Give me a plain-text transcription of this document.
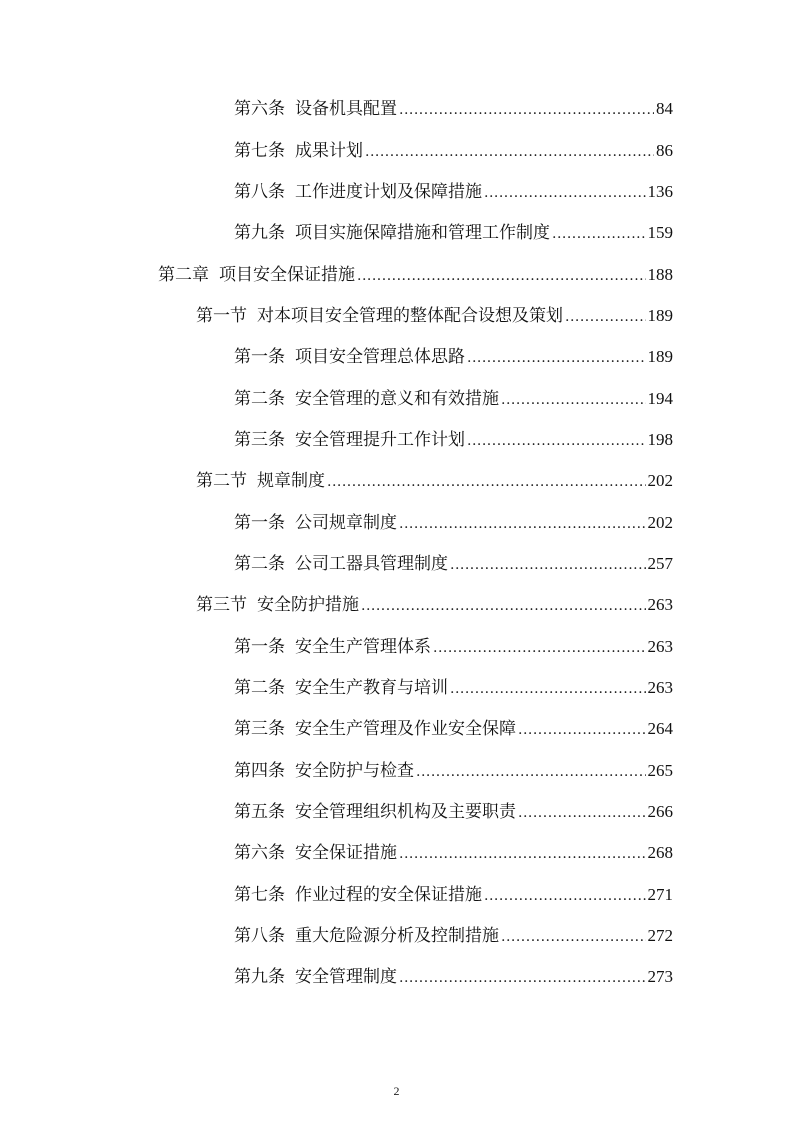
第六条 设备机具配置 .....	84
第七条 成果计划 .....	86
第八条 工作进度计划及保障措施 .....	136
第九条 项目实施保障措施和管理工作制度 .....	159
第二章 项目安全保证措施 .....	188
第一节 对本项目安全管理的整体配合设想及策划 .....	189
第一条 项目安全管理总体思路 .....	189
第二条 安全管理的意义和有效措施 .....	194
第三条 安全管理提升工作计划 .....	198
第二节 规章制度 .....	202
第一条 公司规章制度 .....	202
第二条 公司工器具管理制度 .....	257
第三节 安全防护措施 .....	263
第一条 安全生产管理体系 .....	263
第二条 安全生产教育与培训 .....	263
第三条 安全生产管理及作业安全保障 .....	264
第四条 安全防护与检查 .....	265
第五条 安全管理组织机构及主要职责 .....	266
第六条 安全保证措施 .....	268
第七条 作业过程的安全保证措施 .....	271
第八条 重大危险源分析及控制措施 .....	272
第九条 安全管理制度 .....	273
2
